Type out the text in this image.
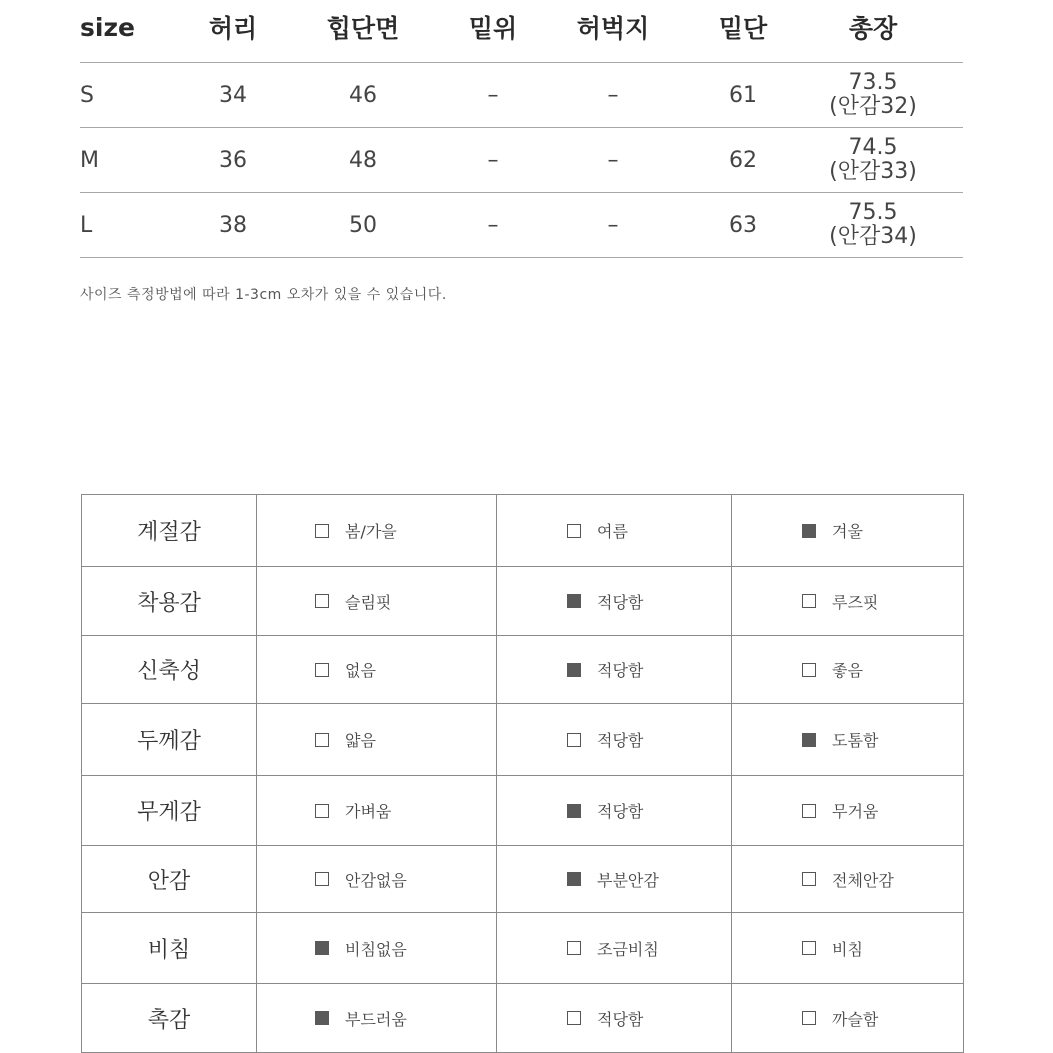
size	허리	힙단면	밑위	허벅지	밑단	총장
S	34	46	–	–	61	73.5
(안감32)
M	36	48	–	–	62	74.5
(안감33)
L	38	50	–	–	63	75.5
(안감34)
사이즈 측정방법에 따라 1-3cm 오차가 있을 수 있습니다.
계절감	봄/가을	여름	겨울

착용감	슬림핏	적당함	루즈핏

신축성	없음	적당함	좋음

두께감	얇음	적당함	도톰함

무게감	가벼움	적당함	무거움

안감	안감없음	부분안감	전체안감

비침	비침없음	조금비침	비침

촉감	부드러움	적당함	까슬함
